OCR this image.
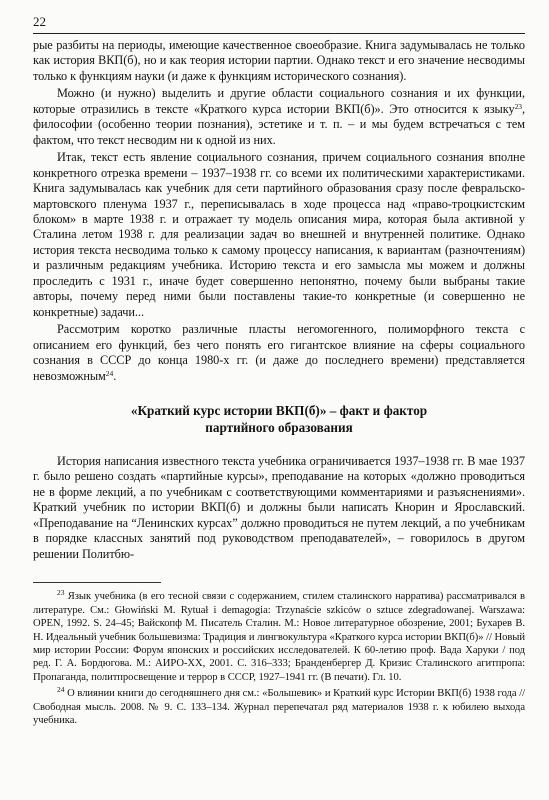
22

рые разбиты на периоды, имеющие качественное своеобразие. Книга задумывалась не только как история ВКП(б), но и как теория истории партии. Однако текст и его значение несводимы только к функциям науки (и даже к функциям исторического сознания).

Можно (и нужно) выделить и другие области социального сознания и их функции, которые отразились в тексте «Краткого курса истории ВКП(б)». Это относится к языку$^{23}$, философии (особенно теории познания), эстетике и т. п. – и мы будем встречаться с тем фактом, что текст несводим ни к одной из них.

Итак, текст есть явление социального сознания, причем социального сознания вполне конкретного отрезка времени – 1937–1938 гг. со всеми их политическими характеристиками. Книга задумывалась как учебник для сети партийного образования сразу после февральско-мартовского пленума 1937 г., переписывалась в ходе процесса над «право-троцкистским блоком» в марте 1938 г. и отражает ту модель описания мира, которая была активной у Сталина летом 1938 г. для реализации задач во внешней и внутренней политике. Однако история текста несводима только к самому процессу написания, к вариантам (разночтениям) и различным редакциям учебника. Историю текста и его замысла мы можем и должны проследить с 1931 г., иначе будет совершенно непонятно, почему были выбраны такие авторы, почему перед ними были поставлены такие-то конкретные (и совершенно не конкретные) задачи...

Рассмотрим коротко различные пласты негомогенного, полиморфного текста с описанием его функций, без чего понять его гигантское влияние на сферы социального сознания в СССР до конца 1980-х гг. (и даже до последнего времени) представляется невозможным$^{24}$.

«Краткий курс истории ВКП(б)» – факт и фактор
партийного образования

История написания известного текста учебника ограничивается 1937–1938 гг. В мае 1937 г. было решено создать «партийные курсы», преподавание на которых «должно проводиться не в форме лекций, а по учебникам с соответствующими комментариями и разъяснениями». Краткий учебник по истории ВКП(б) и должны были написать Кнорин и Ярославский. «Преподавание на “Ленинских курсах” должно проводиться не путем лекций, а по учебникам в порядке классных занятий под руководством преподавателей», – говорилось в другом решении Политбю-

$^{23}$ Язык учебника (в его тесной связи с содержанием, стилем сталинского нарратива) рассматривался в литературе. См.: Głowiński M. Rytuał i demagogia: Trzynaście szkiców o sztuce zdegradowanej. Warszawa: OPEN, 1992. S. 24–45; Вайскопф М. Писатель Сталин. М.: Новое литературное обозрение, 2001; Бухарев В. Н. Идеальный учебник большевизма: Традиция и лингвокультура «Краткого курса истории ВКП(б)» // Новый мир истории России: Форум японских и российских исследователей. К 60-летию проф. Вада Харуки / под ред. Г. А. Бордюгова. М.: АИРО-XX, 2001. С. 316–333; Бранденбергер Д. Кризис Сталинского агитпропа: Пропаганда, политпросвещение и террор в СССР, 1927–1941 гг. (В печати). Гл. 10.

$^{24}$ О влиянии книги до сегодняшнего дня см.: «Большевик» и Краткий курс Истории ВКП(б) 1938 года // Свободная мысль. 2008. № 9. С. 133–134. Журнал перепечатал ряд материалов 1938 г. к юбилею выхода учебника.
